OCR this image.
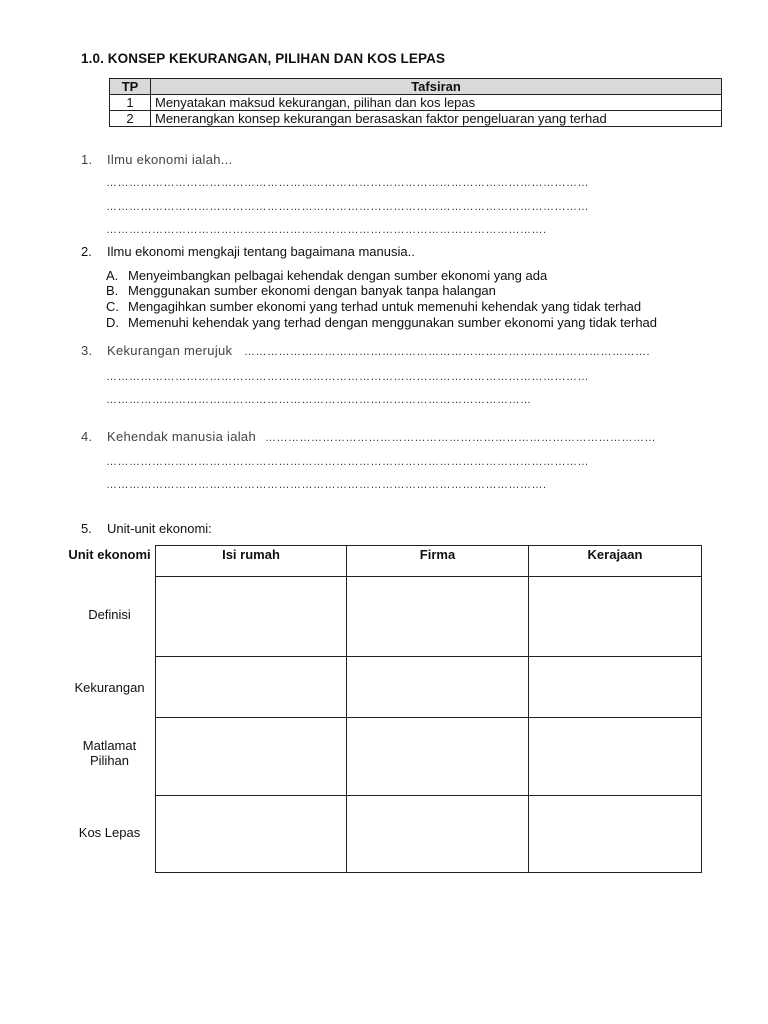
1.0. KONSEP KEKURANGAN, PILIHAN DAN KOS LEPAS
TP	Tafsiran
1	Menyatakan maksud kekurangan, pilihan dan kos lepas
2	Menerangkan konsep kekurangan berasaskan faktor pengeluaran yang terhad
1. Ilmu ekonomi ialah...
………………………………………………………………………………………………………………
………………………………………………………………………………………………………………
…………………………………………………………………………………………………….
2. Ilmu ekonomi mengkaji tentang bagaimana manusia..
A. Menyeimbangkan pelbagai kehendak dengan sumber ekonomi yang ada
B. Menggunakan sumber ekonomi dengan banyak tanpa halangan
C. Mengagihkan sumber ekonomi yang terhad untuk memenuhi kehendak yang tidak terhad
D. Memenuhi kehendak yang terhad dengan menggunakan sumber ekonomi yang tidak terhad
3. Kekurangan merujuk …………………………………………………………………………………………….
………………………………………………………………………………………………………………
…………………………………………………………………………………………………
4. Kehendak manusia ialah …………………………………………………………………………………………
………………………………………………………………………………………………………………
…………………………………………………………………………………………………….
5. Unit-unit ekonomi:
Unit ekonomi	Isi rumah	Firma	Kerajaan
Definisi			
Kekurangan			
Matlamat Pilihan			
Kos Lepas			
